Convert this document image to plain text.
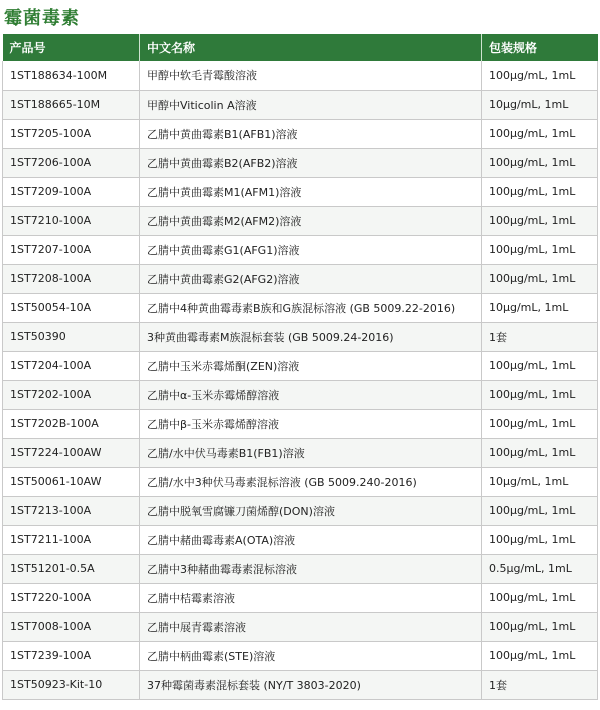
霉菌毒素
产品号	中文名称	包装规格
1ST188634-100M	甲醇中软毛青霉酸溶液	100μg/mL, 1mL
1ST188665-10M	甲醇中Viticolin A溶液	10μg/mL, 1mL
1ST7205-100A	乙腈中黄曲霉素B1(AFB1)溶液	100μg/mL, 1mL
1ST7206-100A	乙腈中黄曲霉素B2(AFB2)溶液	100μg/mL, 1mL
1ST7209-100A	乙腈中黄曲霉素M1(AFM1)溶液	100μg/mL, 1mL
1ST7210-100A	乙腈中黄曲霉素M2(AFM2)溶液	100μg/mL, 1mL
1ST7207-100A	乙腈中黄曲霉素G1(AFG1)溶液	100μg/mL, 1mL
1ST7208-100A	乙腈中黄曲霉素G2(AFG2)溶液	100μg/mL, 1mL
1ST50054-10A	乙腈中4种黄曲霉毒素B族和G族混标溶液 (GB 5009.22-2016)	10μg/mL, 1mL
1ST50390	3种黄曲霉毒素M族混标套装 (GB 5009.24-2016)	1套
1ST7204-100A	乙腈中玉米赤霉烯酮(ZEN)溶液	100μg/mL, 1mL
1ST7202-100A	乙腈中α-玉米赤霉烯醇溶液	100μg/mL, 1mL
1ST7202B-100A	乙腈中β-玉米赤霉烯醇溶液	100μg/mL, 1mL
1ST7224-100AW	乙腈/水中伏马毒素B1(FB1)溶液	100μg/mL, 1mL
1ST50061-10AW	乙腈/水中3种伏马毒素混标溶液 (GB 5009.240-2016)	10μg/mL, 1mL
1ST7213-100A	乙腈中脱氧雪腐镰刀菌烯醇(DON)溶液	100μg/mL, 1mL
1ST7211-100A	乙腈中赭曲霉毒素A(OTA)溶液	100μg/mL, 1mL
1ST51201-0.5A	乙腈中3种赭曲霉毒素混标溶液	0.5μg/mL, 1mL
1ST7220-100A	乙腈中桔霉素溶液	100μg/mL, 1mL
1ST7008-100A	乙腈中展青霉素溶液	100μg/mL, 1mL
1ST7239-100A	乙腈中柄曲霉素(STE)溶液	100μg/mL, 1mL
1ST50923-Kit-10	37种霉菌毒素混标套装 (NY/T 3803-2020)	1套
